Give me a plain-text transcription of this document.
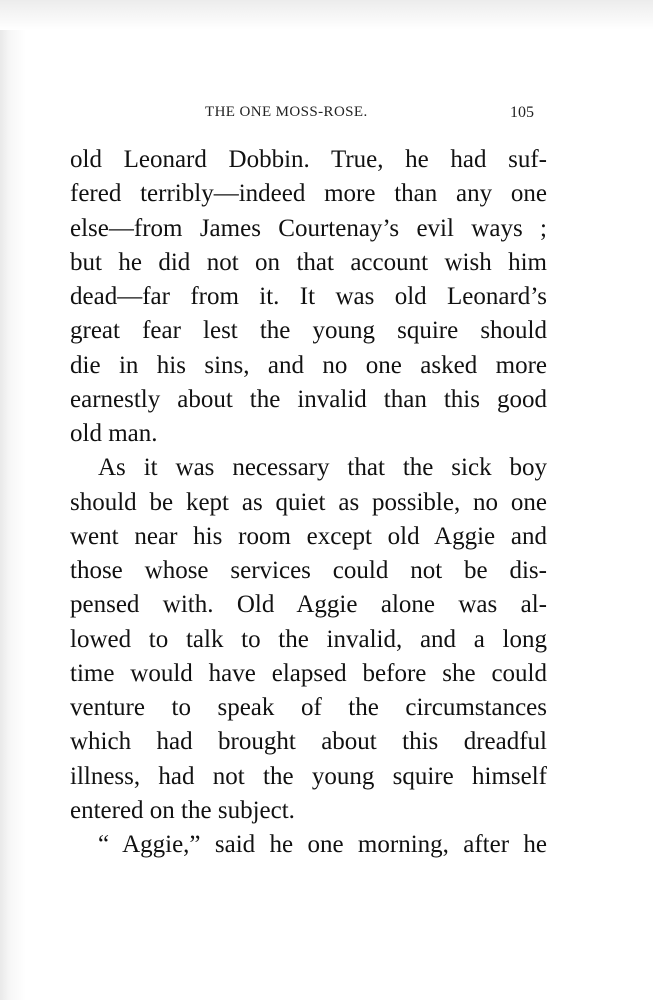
THE ONE MOSS-ROSE.	105
old Leonard Dobbin. True, he had suf-
fered terribly—indeed more than any one
else—from James Courtenay’s evil ways ;
but he did not on that account wish him
dead—far from it. It was old Leonard’s
great fear lest the young squire should
die in his sins, and no one asked more
earnestly about the invalid than this good
old man.
As it was necessary that the sick boy
should be kept as quiet as possible, no one
went near his room except old Aggie and
those whose services could not be dis-
pensed with. Old Aggie alone was al-
lowed to talk to the invalid, and a long
time would have elapsed before she could
venture to speak of the circumstances
which had brought about this dreadful
illness, had not the young squire himself
entered on the subject.
“ Aggie,” said he one morning, after he
